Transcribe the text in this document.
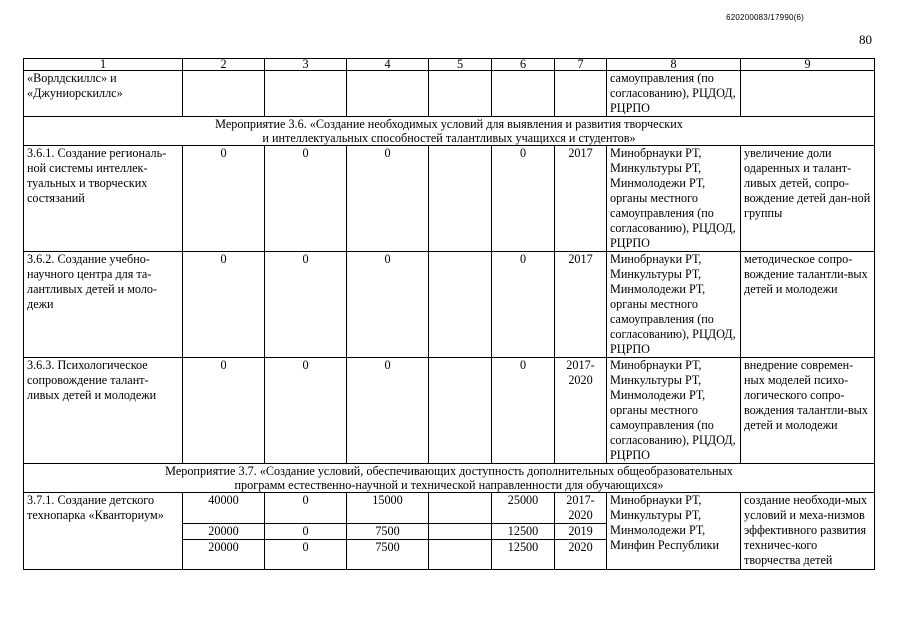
620200083/17990(6)
80
1	2	3	4	5	6	7	8	9
«Ворлдскиллс» и «Джуниорскиллс»							самоуправления (по согласованию), РЦДОД, РЦРПО	

Мероприятие 3.6. «Создание необходимых условий для выявления и развития творческих
и интеллектуальных способностей талантливых учащихся и студентов»								

3.6.1. Создание региональ-ной системы интеллек-туальных и творческих состязаний	0	0	0		0	2017	Минобрнауки РТ, Минкультуры РТ, Минмолодежи РТ, органы местного самоуправления (по согласованию), РЦДОД, РЦРПО	увеличение доли одаренных и талант-ливых детей, сопро-вождение детей дан-ной группы
3.6.2. Создание учебно-научного центра для та-лантливых детей и моло-дежи	0	0	0		0	2017	Минобрнауки РТ, Минкультуры РТ, Минмолодежи РТ, органы местного самоуправления (по согласованию), РЦДОД, РЦРПО	методическое сопро-вождение талантли-вых детей и молодежи
3.6.3. Психологическое сопровождение талант-ливых детей и молодежи	0	0	0		0	2017-2020	Минобрнауки РТ, Минкультуры РТ, Минмолодежи РТ, органы местного самоуправления (по согласованию), РЦДОД, РЦРПО	внедрение современ-ных моделей психо-логического сопро-вождения талантли-вых детей и молодежи

Мероприятие 3.7. «Создание условий, обеспечивающих доступность дополнительных общеобразовательных
программ естественно-научной и технической направленности для обучающихся»								

3.7.1. Создание детского технопарка «Кванториум»	40000	0	15000		25000	2017-2020	Минобрнауки РТ, Минкультуры РТ, Минмолодежи РТ, Минфин Республики	создание необходи-мых условий и меха-низмов эффективного развития техничес-кого творчества детей
	20000	0	7500		12500	2019		
	20000	0	7500		12500	2020		
